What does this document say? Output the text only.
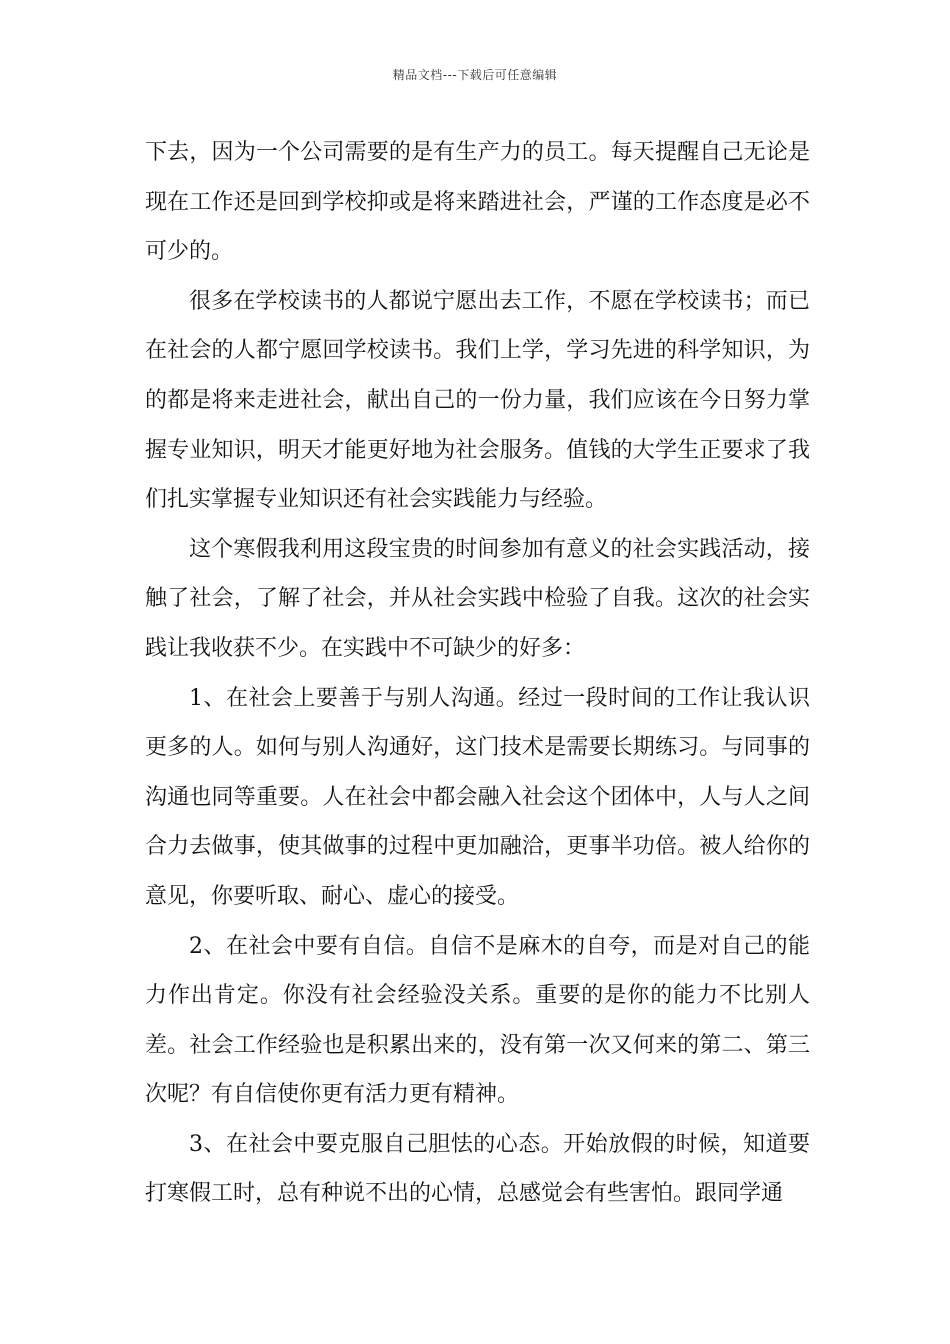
精品文档---下载后可任意编辑

下去，因为一个公司需要的是有生产力的员工。每天提醒自己无论是现在工作还是回到学校抑或是将来踏进社会，严谨的工作态度是必不可少的。

很多在学校读书的人都说宁愿出去工作，不愿在学校读书；而已在社会的人都宁愿回学校读书。我们上学，学习先进的科学知识，为的都是将来走进社会，献出自己的一份力量，我们应该在今日努力掌握专业知识，明天才能更好地为社会服务。值钱的大学生正要求了我们扎实掌握专业知识还有社会实践能力与经验。

这个寒假我利用这段宝贵的时间参加有意义的社会实践活动，接触了社会，了解了社会，并从社会实践中检验了自我。这次的社会实践让我收获不少。在实践中不可缺少的好多：

1、在社会上要善于与别人沟通。经过一段时间的工作让我认识更多的人。如何与别人沟通好，这门技术是需要长期练习。与同事的沟通也同等重要。人在社会中都会融入社会这个团体中，人与人之间合力去做事，使其做事的过程中更加融洽，更事半功倍。被人给你的意见，你要听取、耐心、虚心的接受。

2、在社会中要有自信。自信不是麻木的自夸，而是对自己的能力作出肯定。你没有社会经验没关系。重要的是你的能力不比别人差。社会工作经验也是积累出来的，没有第一次又何来的第二、第三次呢？有自信使你更有活力更有精神。

3、在社会中要克服自己胆怯的心态。开始放假的时候，知道要打寒假工时，总有种说不出的心情，总感觉会有些害怕。跟同学通
